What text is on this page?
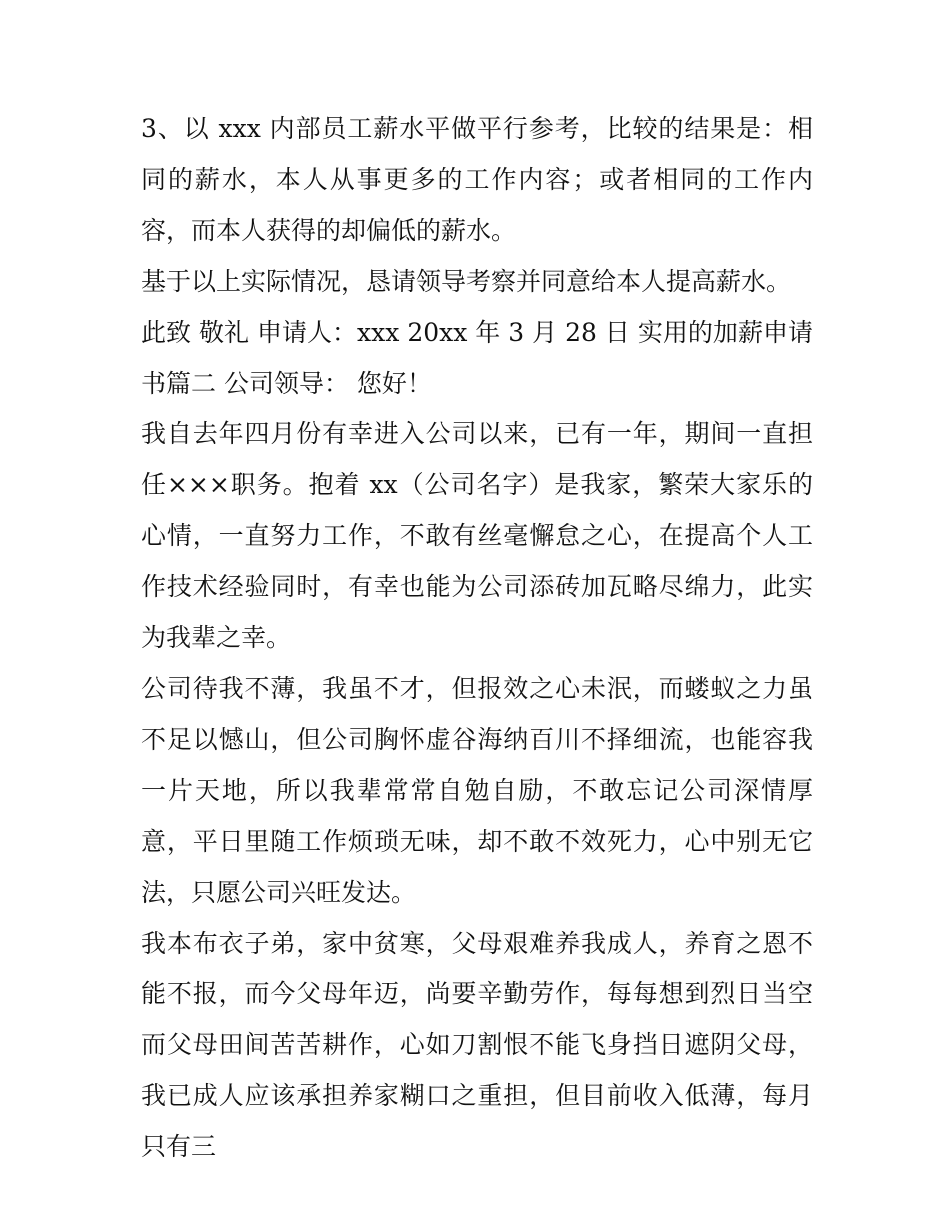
3、以 xxx 内部员工薪水平做平行参考，比较的结果是：相同的薪水，本人从事更多的工作内容；或者相同的工作内容，而本人获得的却偏低的薪水。

基于以上实际情况，恳请领导考察并同意给本人提高薪水。

此致 敬礼 申请人：xxx 20xx 年 3 月 28 日 实用的加薪申请书篇二 公司领导： 您好！

我自去年四月份有幸进入公司以来，已有一年，期间一直担任×××职务。抱着 xx（公司名字）是我家，繁荣大家乐的心情，一直努力工作，不敢有丝毫懈怠之心，在提高个人工作技术经验同时，有幸也能为公司添砖加瓦略尽绵力，此实为我辈之幸。

公司待我不薄，我虽不才，但报效之心未泯，而蝼蚁之力虽不足以憾山，但公司胸怀虚谷海纳百川不择细流，也能容我一片天地，所以我辈常常自勉自励，不敢忘记公司深情厚意，平日里随工作烦琐无味，却不敢不效死力，心中别无它法，只愿公司兴旺发达。

我本布衣子弟，家中贫寒，父母艰难养我成人，养育之恩不能不报，而今父母年迈，尚要辛勤劳作，每每想到烈日当空而父母田间苦苦耕作，心如刀割恨不能飞身挡日遮阴父母，我已成人应该承担养家糊口之重担，但目前收入低薄，每月只有三
